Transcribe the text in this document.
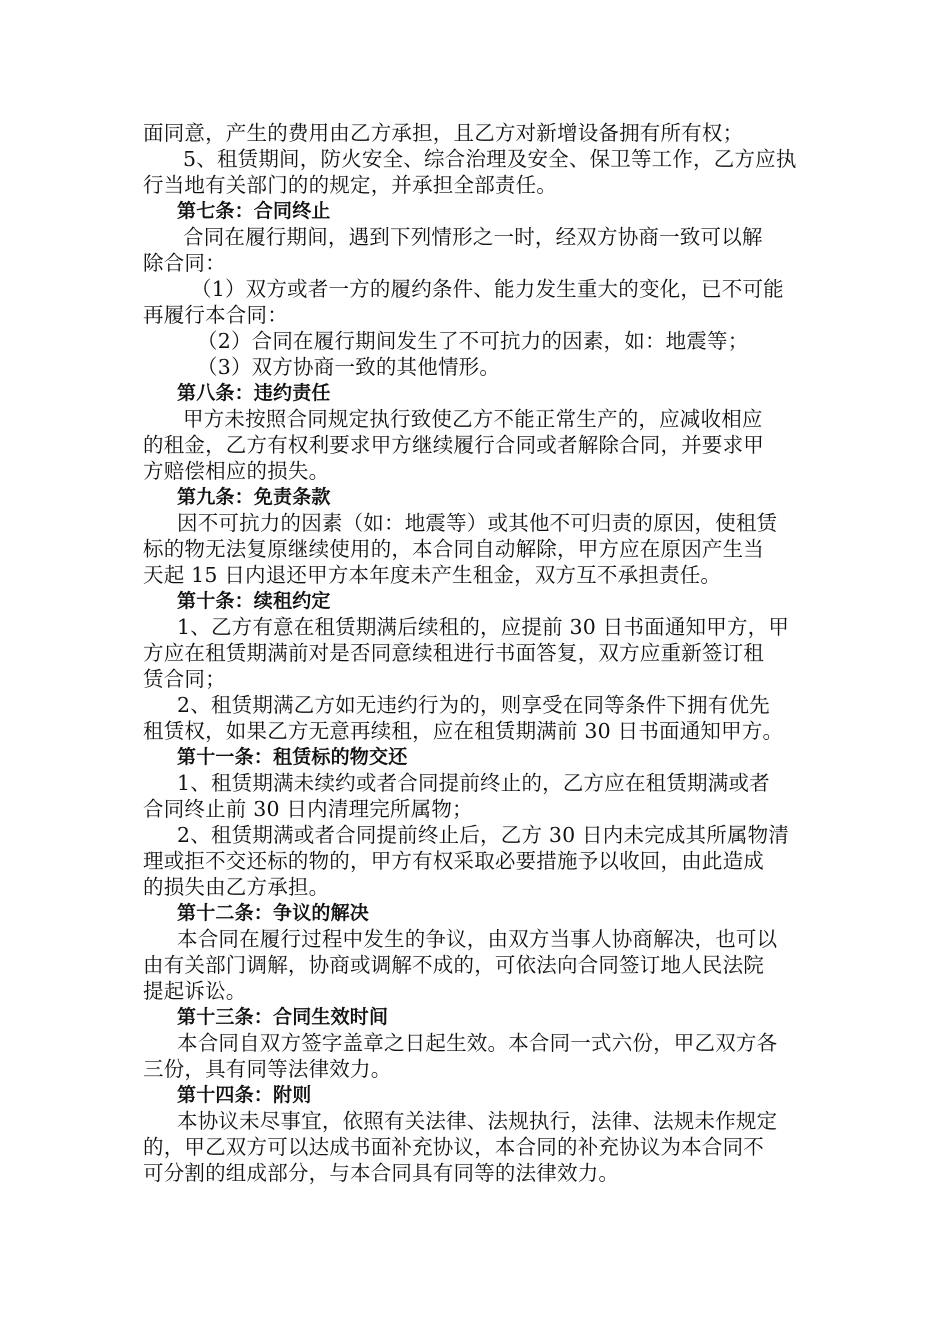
面同意，产生的费用由乙方承担，且乙方对新增设备拥有所有权；
5、租赁期间，防火安全、综合治理及安全、保卫等工作，乙方应执
行当地有关部门的的规定，并承担全部责任。
第七条：合同终止
合同在履行期间，遇到下列情形之一时，经双方协商一致可以解
除合同：
（1）双方或者一方的履约条件、能力发生重大的变化，已不可能
再履行本合同：
（2）合同在履行期间发生了不可抗力的因素，如：地震等；
（3）双方协商一致的其他情形。
第八条：违约责任
甲方未按照合同规定执行致使乙方不能正常生产的，应减收相应
的租金，乙方有权利要求甲方继续履行合同或者解除合同，并要求甲
方赔偿相应的损失。
第九条：免责条款
因不可抗力的因素（如：地震等）或其他不可归责的原因，使租赁
标的物无法复原继续使用的，本合同自动解除，甲方应在原因产生当
天起 15 日内退还甲方本年度未产生租金，双方互不承担责任。
第十条：续租约定
1、乙方有意在租赁期满后续租的，应提前 30 日书面通知甲方，甲
方应在租赁期满前对是否同意续租进行书面答复，双方应重新签订租
赁合同；
2、租赁期满乙方如无违约行为的，则享受在同等条件下拥有优先
租赁权，如果乙方无意再续租，应在租赁期满前 30 日书面通知甲方。
第十一条：租赁标的物交还
1、租赁期满未续约或者合同提前终止的，乙方应在租赁期满或者
合同终止前 30 日内清理完所属物；
2、租赁期满或者合同提前终止后，乙方 30 日内未完成其所属物清
理或拒不交还标的物的，甲方有权采取必要措施予以收回，由此造成
的损失由乙方承担。
第十二条：争议的解决
本合同在履行过程中发生的争议，由双方当事人协商解决，也可以
由有关部门调解，协商或调解不成的，可依法向合同签订地人民法院
提起诉讼。
第十三条：合同生效时间
本合同自双方签字盖章之日起生效。本合同一式六份，甲乙双方各
三份，具有同等法律效力。
第十四条：附则
本协议未尽事宜，依照有关法律、法规执行，法律、法规未作规定
的，甲乙双方可以达成书面补充协议，本合同的补充协议为本合同不
可分割的组成部分，与本合同具有同等的法律效力。
